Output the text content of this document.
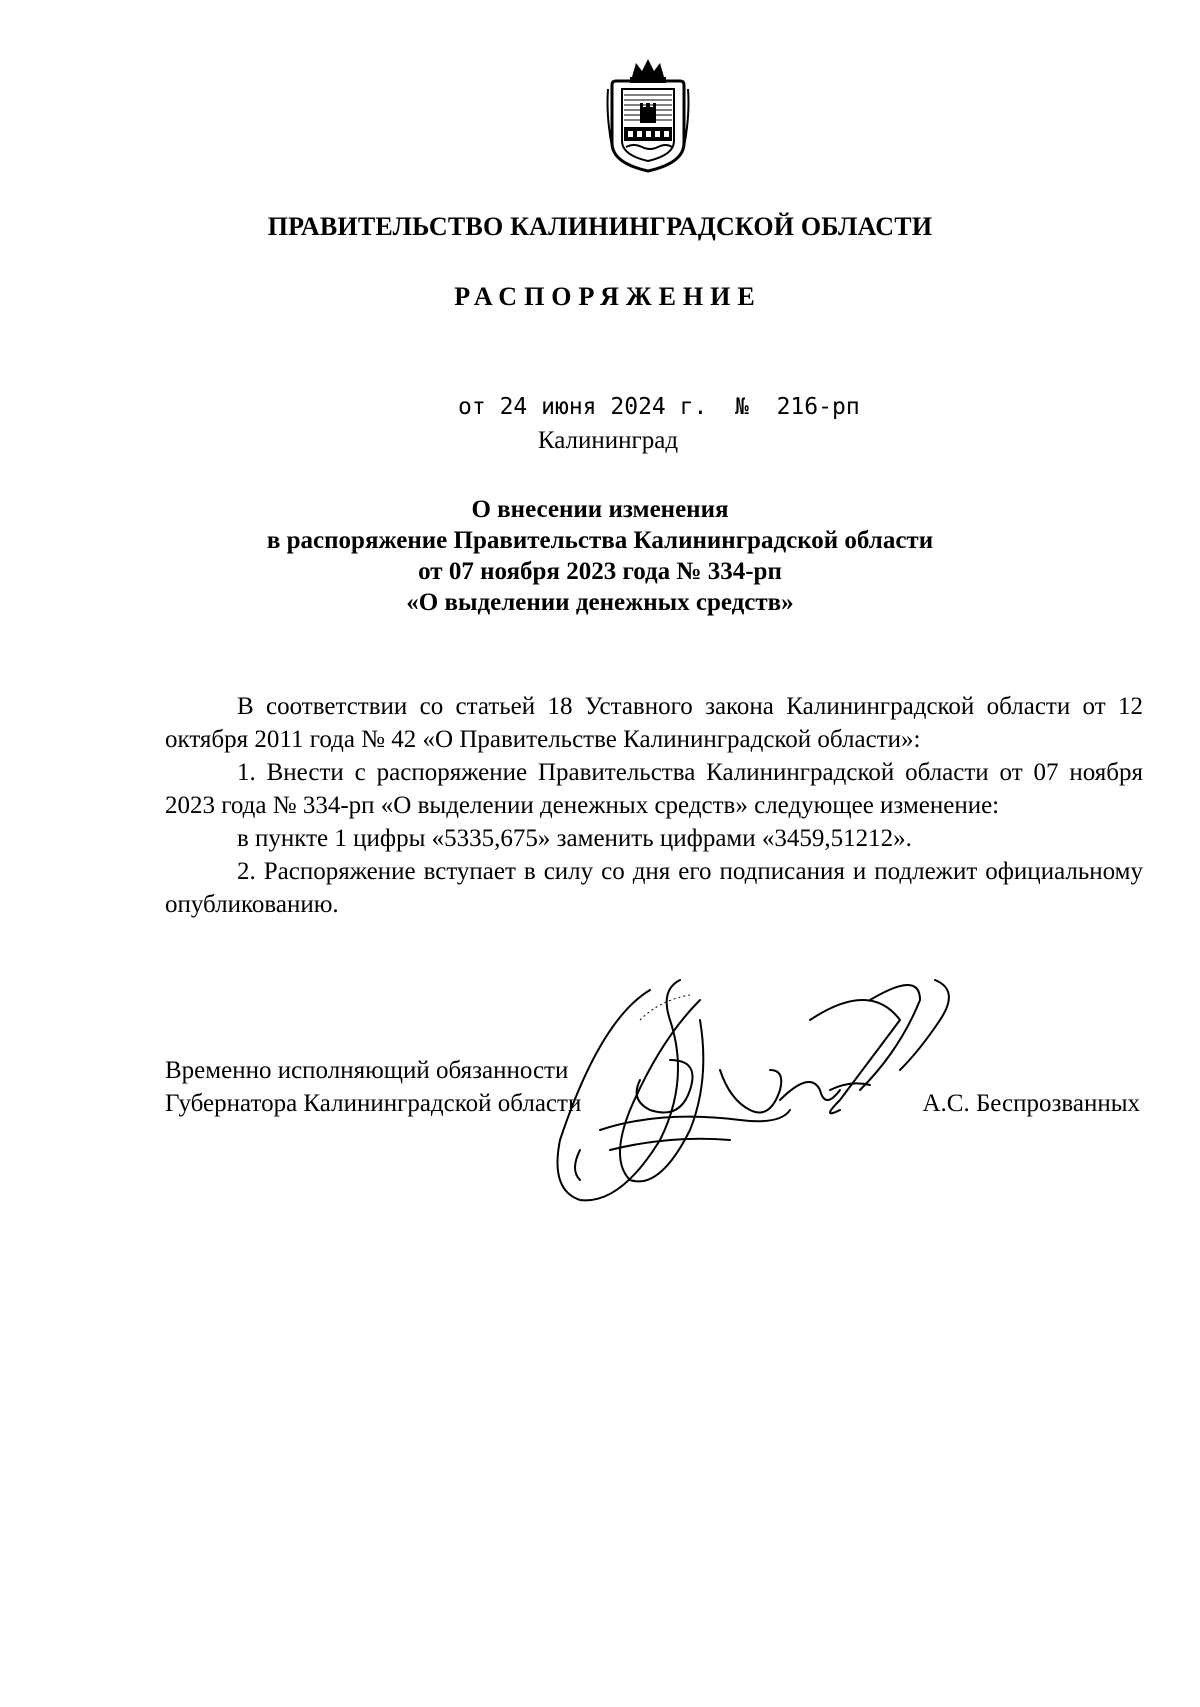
ПРАВИТЕЛЬСТВО КАЛИНИНГРАДСКОЙ ОБЛАСТИ
РАСПОРЯЖЕНИЕ
от 24 июня 2024 г. № 216-рп
Калининград
О внесении изменения
в распоряжение Правительства Калининградской области
от 07 ноября 2023 года № 334-рп
«О выделении денежных средств»

В соответствии со статьей 18 Уставного закона Калининградской области от 12 октября 2011 года № 42 «О Правительстве Калининградской области»:

1. Внести с распоряжение Правительства Калининградской области от 07 ноября 2023 года № 334-рп «О выделении денежных средств» следующее изменение:

в пункте 1 цифры «5335,675» заменить цифрами «3459,51212».

2. Распоряжение вступает в силу со дня его подписания и подлежит официальному опубликованию.

Временно исполняющий обязанности
Губернатора Калининградской области	А.С. Беспрозванных
